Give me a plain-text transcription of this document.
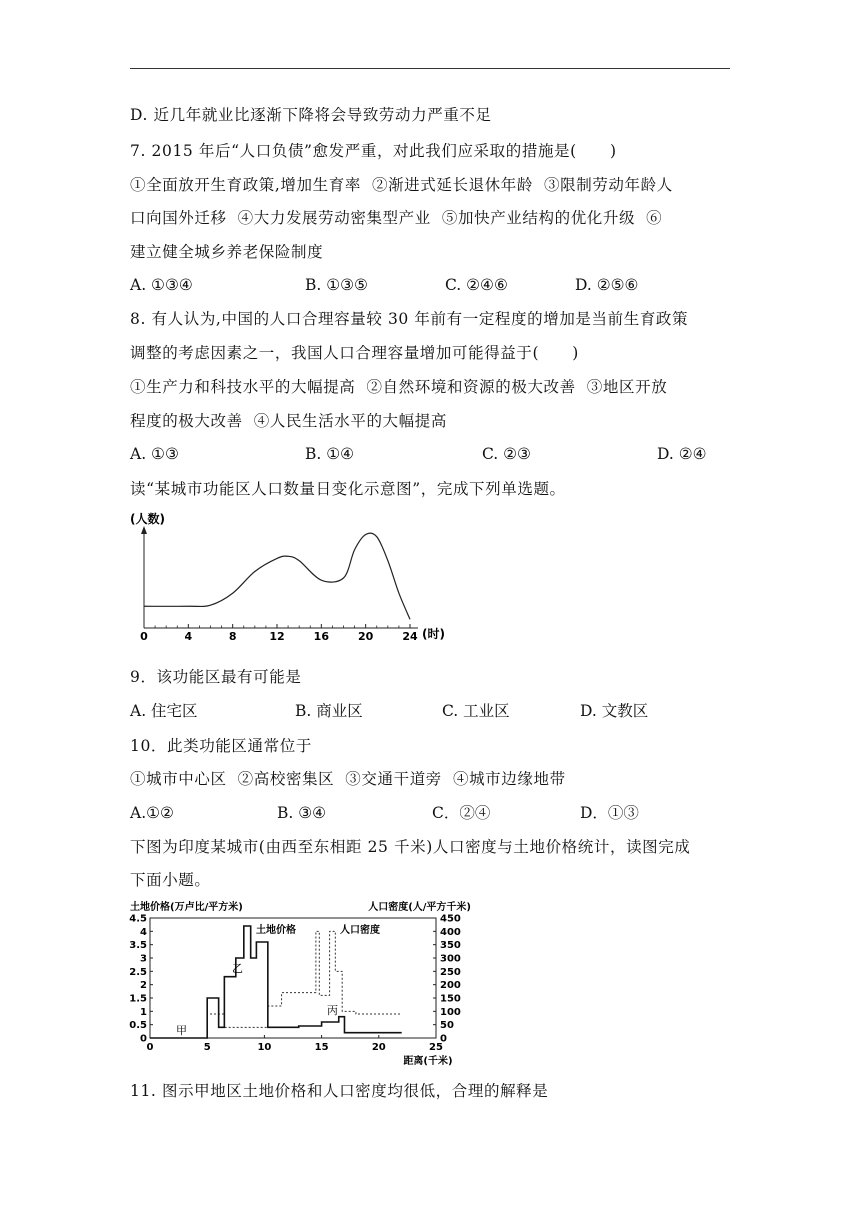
D. 近几年就业比逐渐下降将会导致劳动力严重不足
7. 2015 年后“人口负债”愈发严重，对此我们应采取的措施是(      )
①全面放开生育政策,增加生育率  ②渐进式延长退休年龄  ③限制劳动年龄人
口向国外迁移  ④大力发展劳动密集型产业  ⑤加快产业结构的优化升级  ⑥
建立健全城乡养老保险制度
A. ①③④	B. ①③⑤	C. ②④⑥	D. ②⑤⑥
8. 有人认为,中国的人口合理容量较 30 年前有一定程度的增加是当前生育政策
调整的考虑因素之一，我国人口合理容量增加可能得益于(      )
①生产力和科技水平的大幅提高  ②自然环境和资源的极大改善  ③地区开放
程度的极大改善  ④人民生活水平的大幅提高
A. ①③	B. ①④	C. ②③	D. ②④
读“某城市功能区人口数量日变化示意图”，完成下列单选题。
(人数)
0	4	8	12	16	20	24 (时)
9．该功能区最有可能是
A. 住宅区	B. 商业区	C. 工业区	D. 文教区
10．此类功能区通常位于
①城市中心区  ②高校密集区  ③交通干道旁  ④城市边缘地带
A.①②	B. ③④	C．②④	D．①③
下图为印度某城市(由西至东相距 25 千米)人口密度与土地价格统计，读图完成
下面小题。
土地价格(万卢比/平方米)	人口密度(人/平方千米)
0
0.5
1
1.5
2
2.5
3
3.5
4
4.5
0
50
100
150
200
250
300
350
400
450
0	5	10	15	20	25
距离(千米)
土地价格	人口密度
甲
乙
丙
11. 图示甲地区土地价格和人口密度均很低，合理的解释是
